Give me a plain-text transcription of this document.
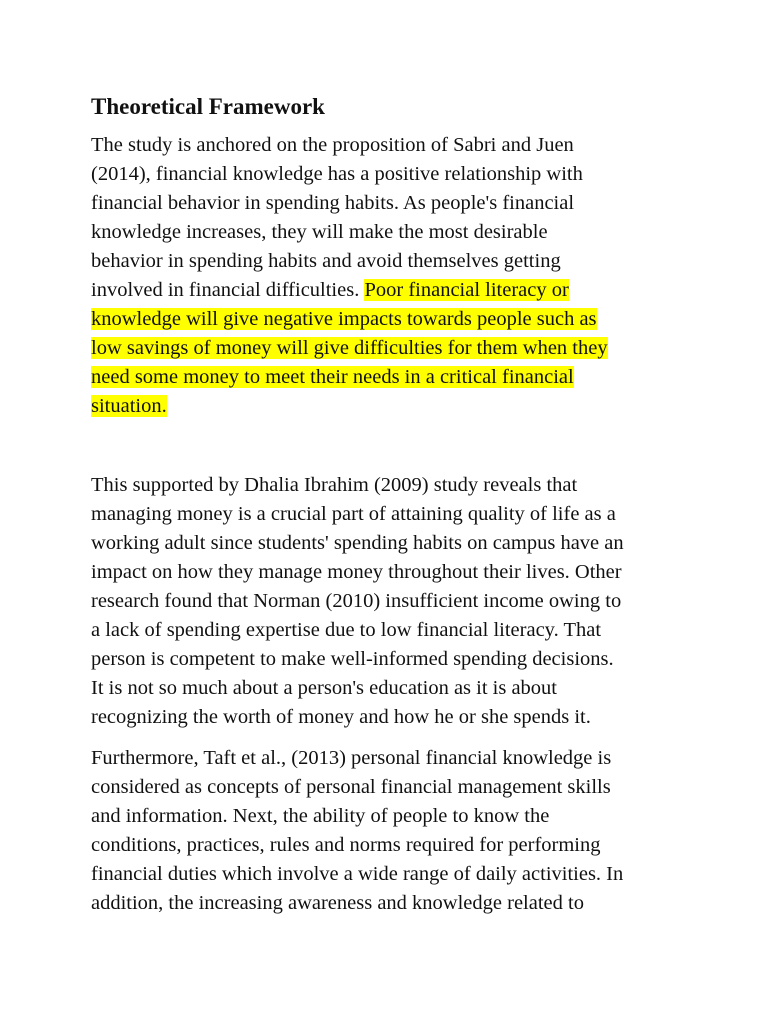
Theoretical Framework

The study is anchored on the proposition of Sabri and Juen
(2014), financial knowledge has a positive relationship with
financial behavior in spending habits. As people's financial
knowledge increases, they will make the most desirable
behavior in spending habits and avoid themselves getting
involved in financial difficulties. Poor financial literacy or
knowledge will give negative impacts towards people such as
low savings of money will give difficulties for them when they
need some money to meet their needs in a critical financial
situation.

This supported by Dhalia Ibrahim (2009) study reveals that
managing money is a crucial part of attaining quality of life as a
working adult since students' spending habits on campus have an
impact on how they manage money throughout their lives. Other
research found that Norman (2010) insufficient income owing to
a lack of spending expertise due to low financial literacy. That
person is competent to make well-informed spending decisions.
It is not so much about a person's education as it is about
recognizing the worth of money and how he or she spends it.

Furthermore, Taft et al., (2013) personal financial knowledge is
considered as concepts of personal financial management skills
and information. Next, the ability of people to know the
conditions, practices, rules and norms required for performing
financial duties which involve a wide range of daily activities. In
addition, the increasing awareness and knowledge related to
